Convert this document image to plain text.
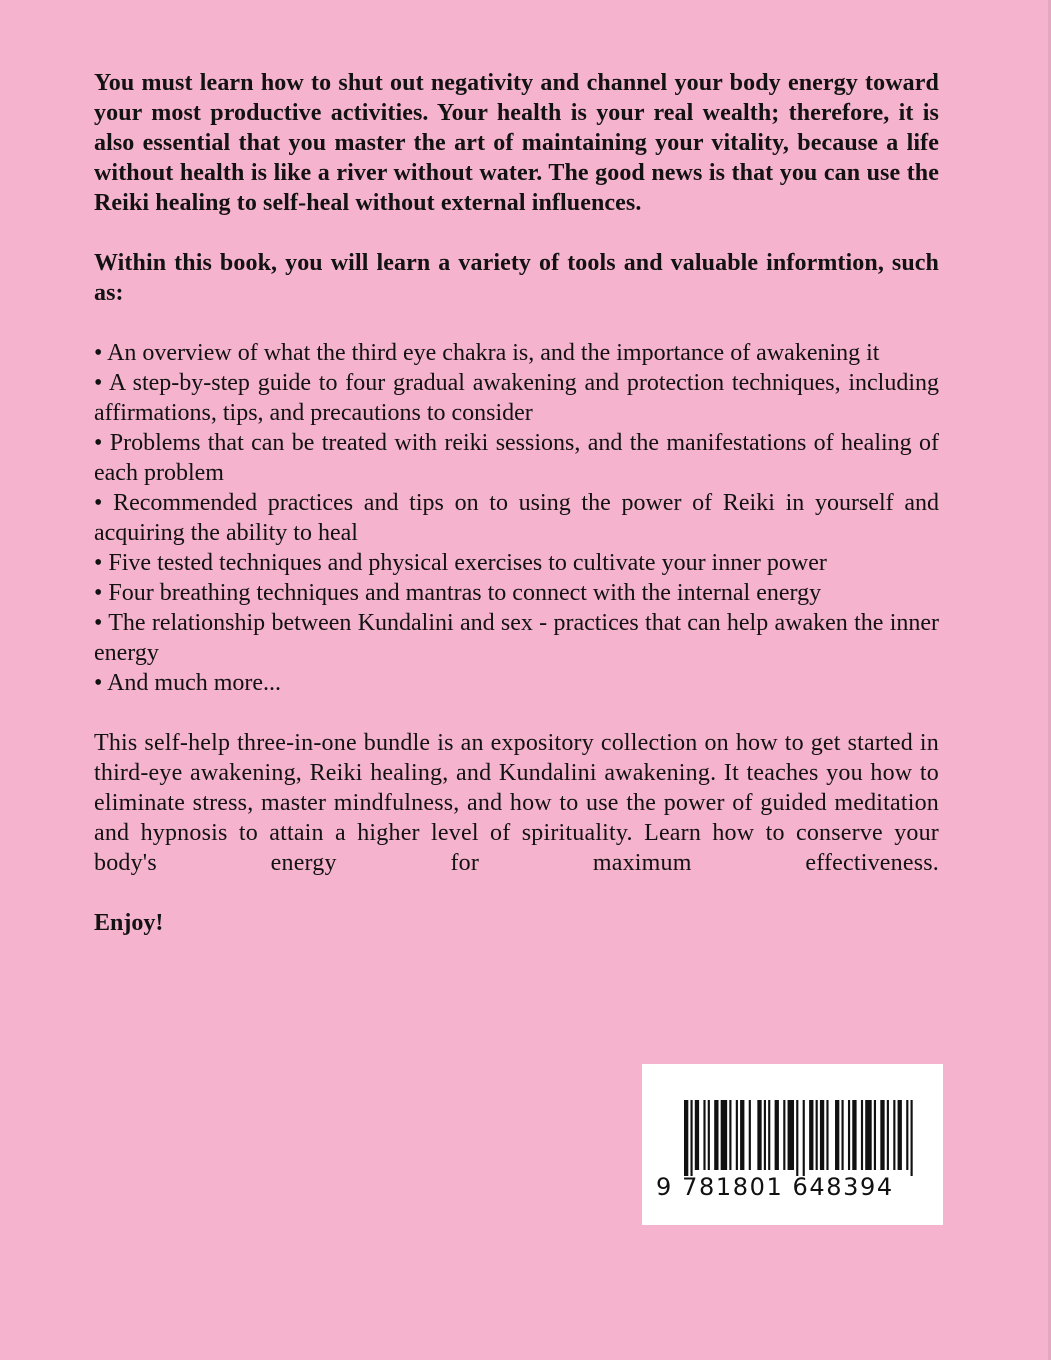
You must learn how to shut out negativity and channel your body energy toward your most productive activities. Your health is your real wealth; therefore, it is also essential that you master the art of maintaining your vitality, because a life without health is like a river without water. The good news is that you can use the Reiki healing to self-heal without external influences.

Within this book, you will learn a variety of tools and valuable informtion, such as:

• An overview of what the third eye chakra is, and the importance of awakening it
• A step-by-step guide to four gradual awakening and protection techniques, including affirmations, tips, and precautions to consider
• Problems that can be treated with reiki sessions, and the manifestations of healing of each problem
• Recommended practices and tips on to using the power of Reiki in yourself and acquiring the ability to heal
• Five tested techniques and physical exercises to cultivate your inner power
• Four breathing techniques and mantras to connect with the internal energy
• The relationship between Kundalini and sex - practices that can help awaken the inner energy
• And much more...

This self-help three-in-one bundle is an expository collection on how to get started in third-eye awakening, Reiki healing, and Kundalini awakening. It teaches you how to eliminate stress, master mindfulness, and how to use the power of guided meditation and hypnosis to attain a higher level of spirituality. Learn how to conserve your body's energy for maximum effectiveness.

Enjoy!

9 781801 648394
